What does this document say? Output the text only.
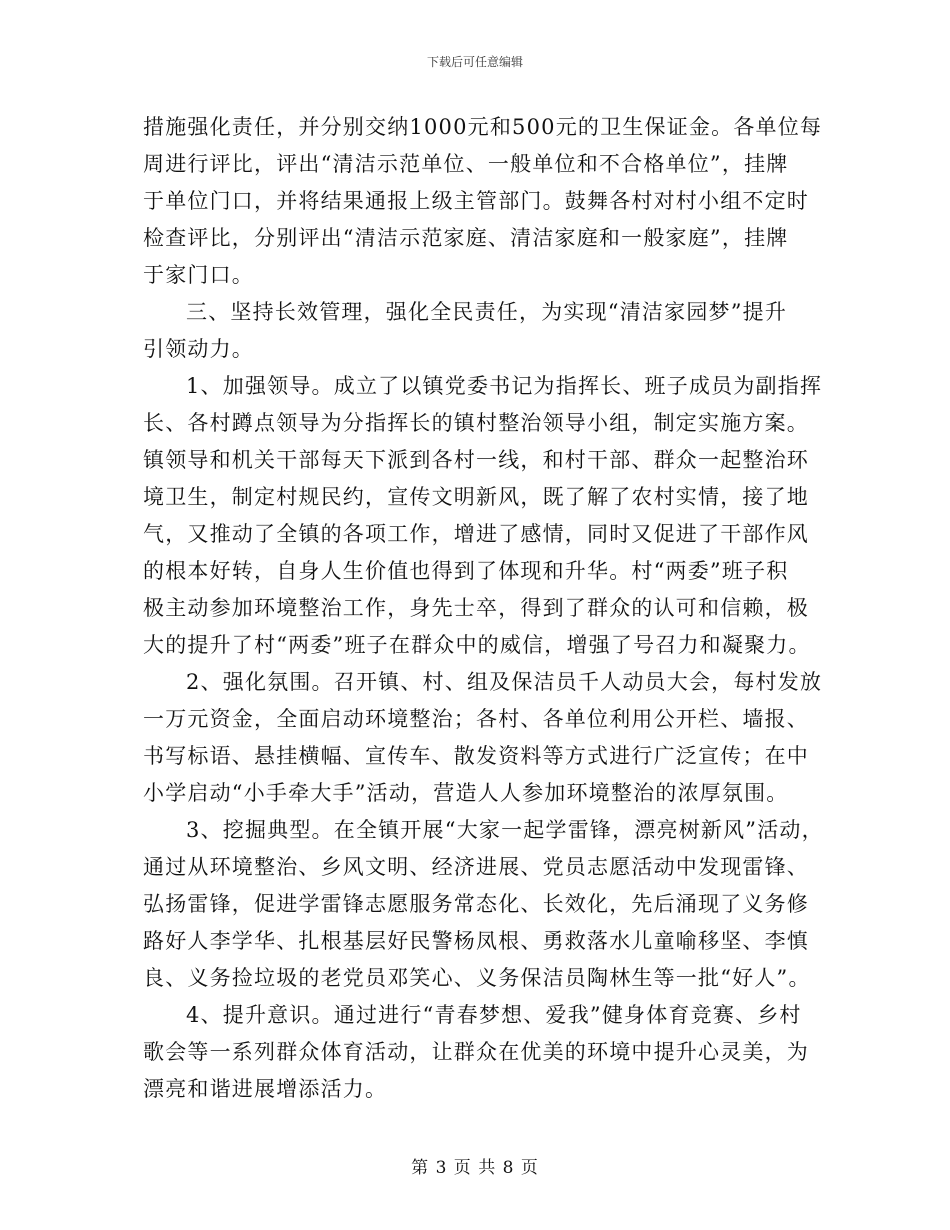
下载后可任意编辑
措施强化责任，并分别交纳1000元和500元的卫生保证金。各单位每
周进行评比，评出“清洁示范单位、一般单位和不合格单位”，挂牌
于单位门口，并将结果通报上级主管部门。鼓舞各村对村小组不定时
检查评比，分别评出“清洁示范家庭、清洁家庭和一般家庭”，挂牌
于家门口。
三、坚持长效管理，强化全民责任，为实现“清洁家园梦”提升
引领动力。
1、加强领导。成立了以镇党委书记为指挥长、班子成员为副指挥
长、各村蹲点领导为分指挥长的镇村整治领导小组，制定实施方案。
镇领导和机关干部每天下派到各村一线，和村干部、群众一起整治环
境卫生，制定村规民约，宣传文明新风，既了解了农村实情，接了地
气，又推动了全镇的各项工作，增进了感情，同时又促进了干部作风
的根本好转，自身人生价值也得到了体现和升华。村“两委”班子积
极主动参加环境整治工作，身先士卒，得到了群众的认可和信赖，极
大的提升了村“两委”班子在群众中的威信，增强了号召力和凝聚力。
2、强化氛围。召开镇、村、组及保洁员千人动员大会，每村发放
一万元资金，全面启动环境整治；各村、各单位利用公开栏、墙报、
书写标语、悬挂横幅、宣传车、散发资料等方式进行广泛宣传；在中
小学启动“小手牵大手”活动，营造人人参加环境整治的浓厚氛围。
3、挖掘典型。在全镇开展“大家一起学雷锋，漂亮树新风”活动，
通过从环境整治、乡风文明、经济进展、党员志愿活动中发现雷锋、
弘扬雷锋，促进学雷锋志愿服务常态化、长效化，先后涌现了义务修
路好人李学华、扎根基层好民警杨凤根、勇救落水儿童喻移坚、李慎
良、义务捡垃圾的老党员邓笑心、义务保洁员陶林生等一批“好人”。
4、提升意识。通过进行“青春梦想、爱我”健身体育竞赛、乡村
歌会等一系列群众体育活动，让群众在优美的环境中提升心灵美，为
漂亮和谐进展增添活力。
第 3 页 共 8 页
